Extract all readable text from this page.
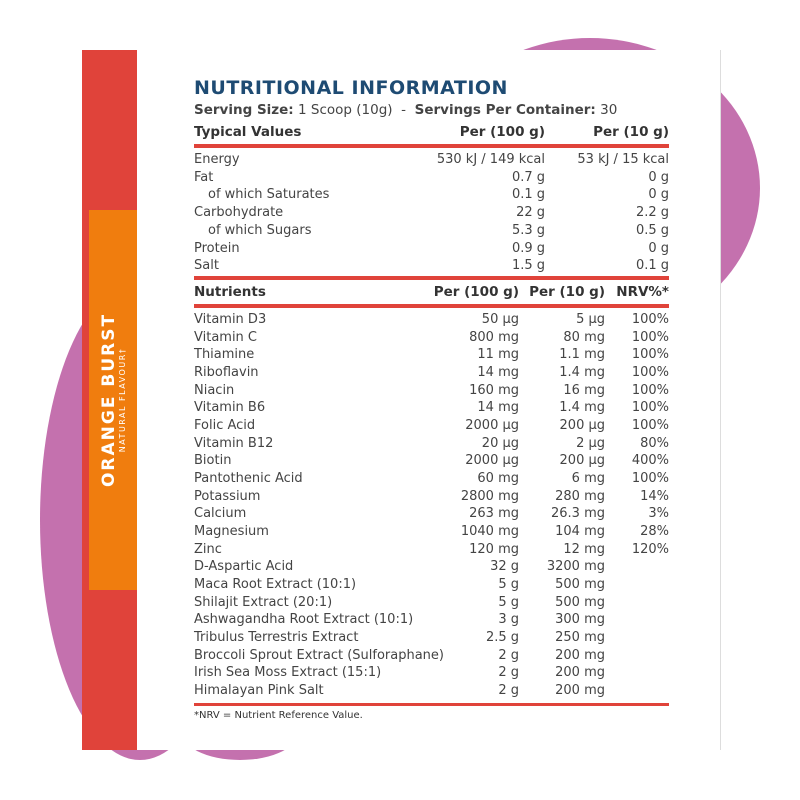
ORANGE BURST NATURAL FLAVOUR†
NUTRITIONAL INFORMATION
Serving Size: 1 Scoop (10g) - Servings Per Container: 30
Typical Values	Per (100 g)	Per (10 g)
Energy	530 kJ / 149 kcal 53 kJ / 15 kcal
Fat	0.7 g	0 g
of which Saturates	0.1 g	0 g
Carbohydrate	22 g	2.2 g
of which Sugars	5.3 g	0.5 g
Protein	0.9 g	0 g
Salt	1.5 g	0.1 g
Nutrients	Per (100 g) Per (10 g) NRV%*
Vitamin D3	50 µg	5 µg 100%
Vitamin C	800 mg	80 mg 100%
Thiamine	11 mg	1.1 mg 100%
Riboflavin	14 mg	1.4 mg 100%
Niacin	160 mg	16 mg 100%
Vitamin B6	14 mg	1.4 mg 100%
Folic Acid	2000 µg	200 µg 100%
Vitamin B12	20 µg	2 µg	80%
Biotin	2000 µg	200 µg 400%
Pantothenic Acid	60 mg	6 mg 100%
Potassium	2800 mg	280 mg	14%
Calcium	263 mg 26.3 mg	3%
Magnesium	1040 mg	104 mg	28%
Zinc	120 mg	12 mg 120%
D-Aspartic Acid	32 g 3200 mg
Maca Root Extract (10:1)	5 g	500 mg
Shilajit Extract (20:1)	5 g	500 mg
Ashwagandha Root Extract (10:1)	3 g	300 mg
Tribulus Terrestris Extract	2.5 g	250 mg
Broccoli Sprout Extract (Sulforaphane)	2 g	200 mg
Irish Sea Moss Extract (15:1)	2 g	200 mg
Himalayan Pink Salt	2 g	200 mg
*NRV = Nutrient Reference Value.
